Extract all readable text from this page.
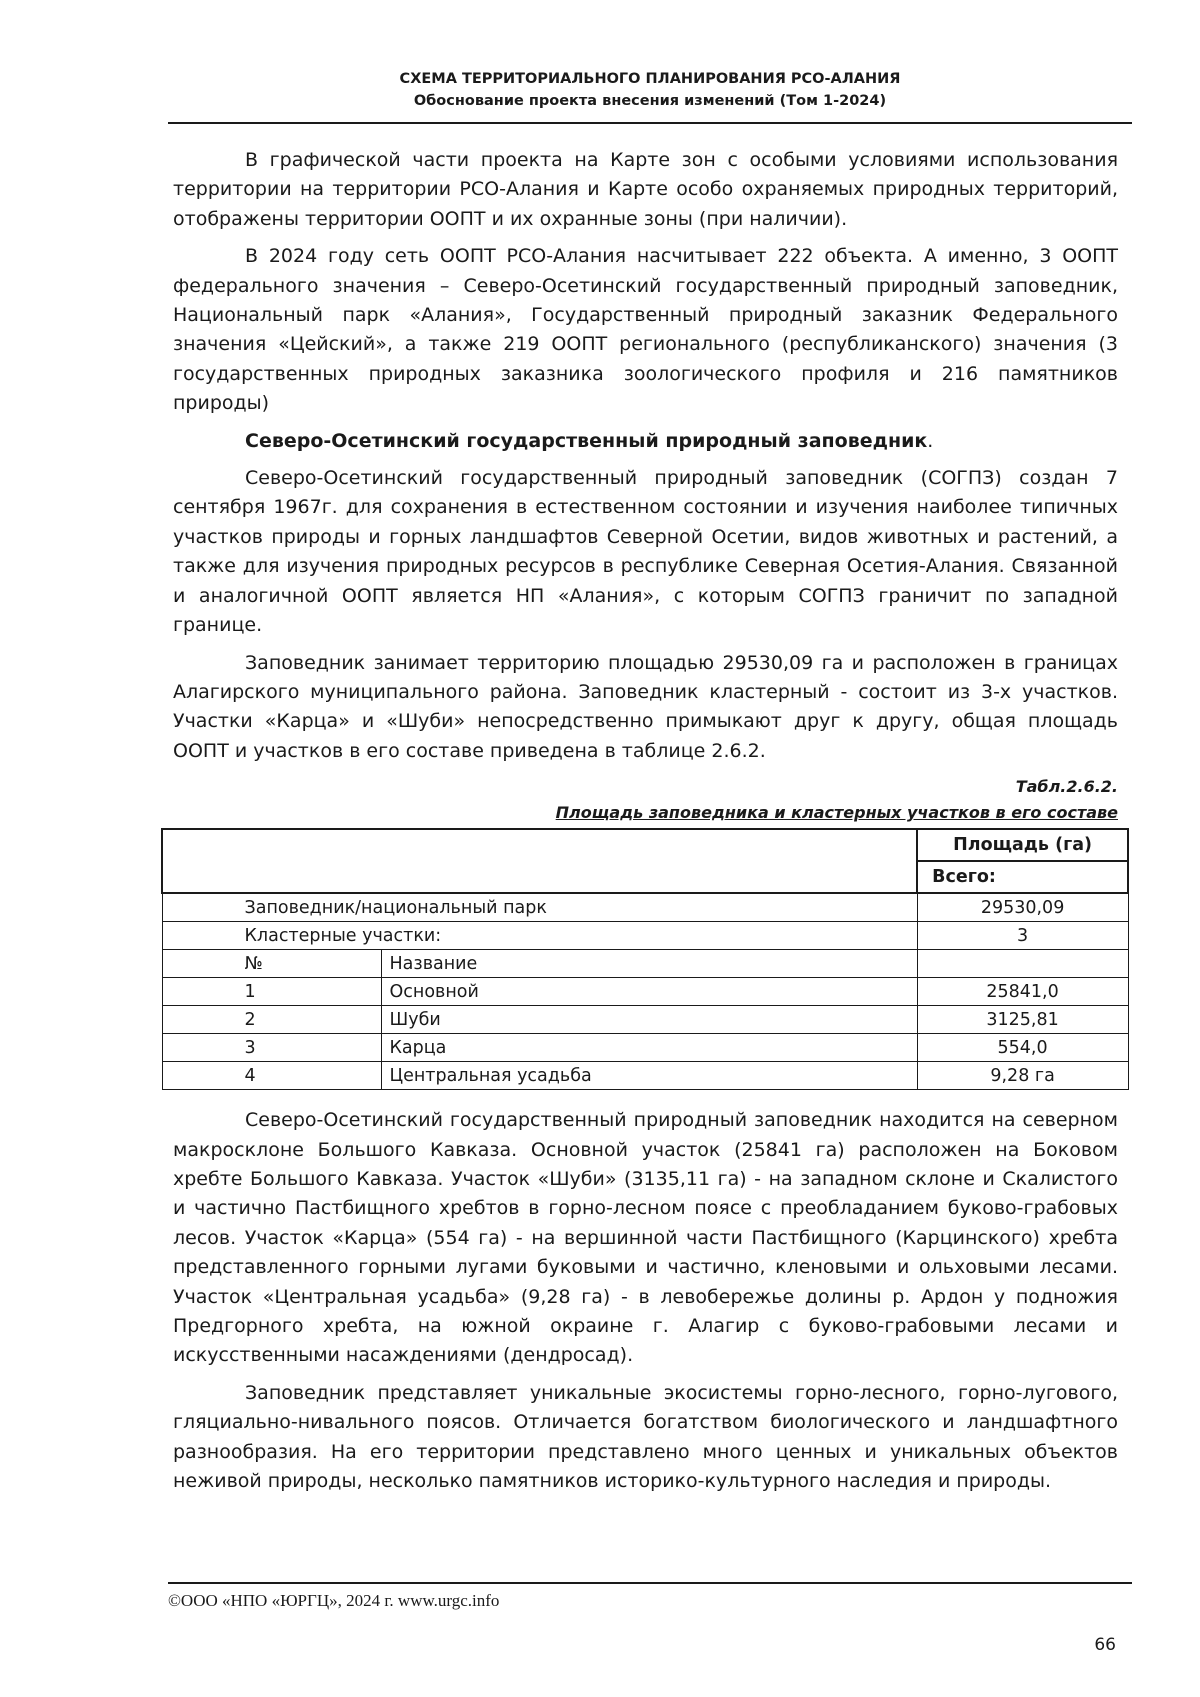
СХЕМА ТЕРРИТОРИАЛЬНОГО ПЛАНИРОВАНИЯ РСО-АЛАНИЯ
Обоснование проекта внесения изменений (Том 1-2024)

В графической части проекта на Карте зон с особыми условиями использования территории на территории РСО-Алания и Карте особо охраняемых природных территорий, отображены территории ООПТ и их охранные зоны (при наличии).

В 2024 году сеть ООПТ РСО-Алания насчитывает 222 объекта. А именно, 3 ООПТ федерального значения – Северо-Осетинский государственный природный заповедник, Национальный парк «Алания», Государственный природный заказник Федерального значения «Цейский», а также 219 ООПТ регионального (республиканского) значения (3 государственных природных заказника зоологического профиля и 216 памятников природы)

Северо-Осетинский государственный природный заповедник.

Северо-Осетинский государственный природный заповедник (СОГПЗ) создан 7 сентября 1967г. для сохранения в естественном состоянии и изучения наиболее типичных участков природы и горных ландшафтов Северной Осетии, видов животных и растений, а также для изучения природных ресурсов в республике Северная Осетия-Алания. Связанной и аналогичной ООПТ является НП «Алания», с которым СОГПЗ граничит по западной границе.

Заповедник занимает территорию площадью 29530,09 га и расположен в границах Алагирского муниципального района. Заповедник кластерный - состоит из 3-х участков. Участки «Карца» и «Шуби» непосредственно примыкают друг к другу, общая площадь ООПТ и участков в его составе приведена в таблице 2.6.2.

Табл.2.6.2.
Площадь заповедника и кластерных участков в его составе
		Площадь (га)
		Всего:
Заповедник/национальный парк		29530,09
Кластерные участки:		3
№	Название	
1	Основной	25841,0
2	Шуби	3125,81
3	Карца	554,0
4	Центральная усадьба	9,28 га

Северо-Осетинский государственный природный заповедник находится на северном макросклоне Большого Кавказа. Основной участок (25841 га) расположен на Боковом хребте Большого Кавказа. Участок «Шуби» (3135,11 га) - на западном склоне и Скалистого и частично Пастбищного хребтов в горно-лесном поясе с преобладанием буково-грабовых лесов. Участок «Карца» (554 га) - на вершинной части Пастбищного (Карцинского) хребта представленного горными лугами буковыми и частично, кленовыми и ольховыми лесами. Участок «Центральная усадьба» (9,28 га) - в левобережье долины р. Ардон у подножия Предгорного хребта, на южной окраине г. Алагир с буково-грабовыми лесами и искусственными насаждениями (дендросад).

Заповедник представляет уникальные экосистемы горно-лесного, горно-лугового, гляциально-нивального поясов. Отличается богатством биологического и ландшафтного разнообразия. На его территории представлено много ценных и уникальных объектов неживой природы, несколько памятников историко-культурного наследия и природы.

©ООО «НПО «ЮРГЦ», 2024 г. www.urgc.info
66
